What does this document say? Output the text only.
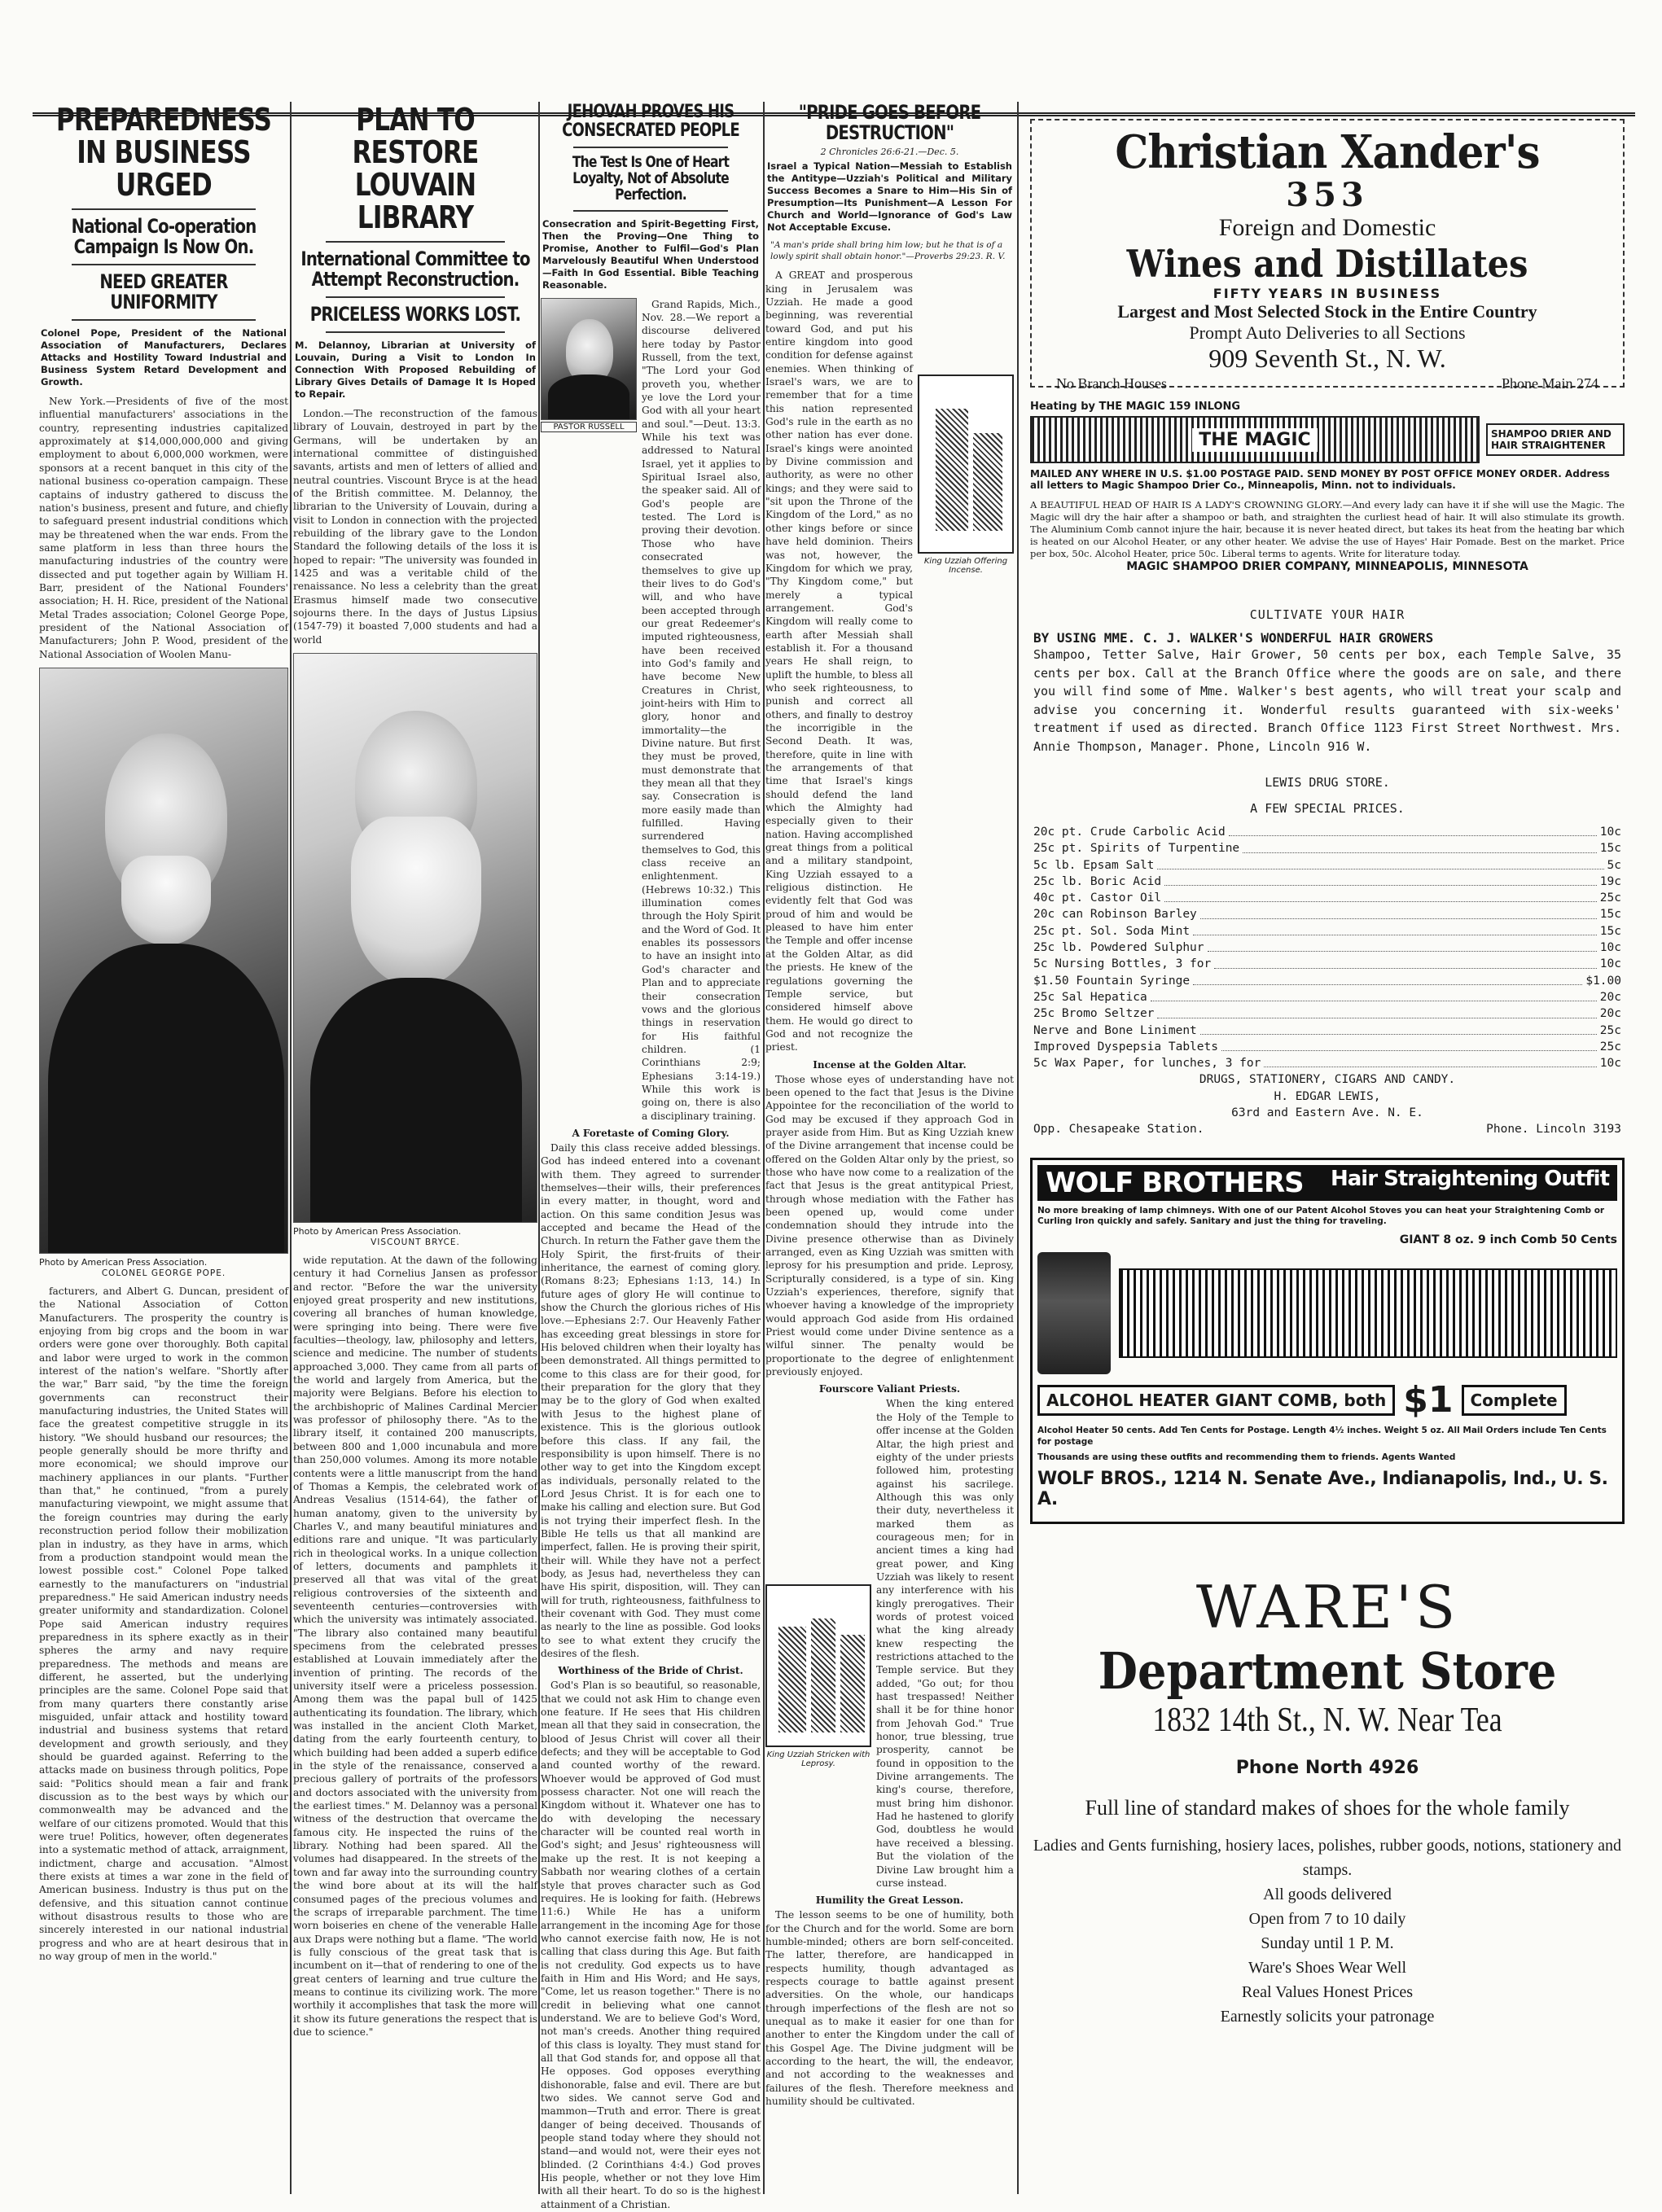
PREPAREDNESS IN BUSINESS URGED
National Co-operation Campaign Is Now On.
NEED GREATER UNIFORMITY
Colonel Pope, President of the National Association of Manufacturers, Declares Attacks and Hostility Toward Industrial and Business System Retard Development and Growth.

New York.—Presidents of five of the most influential manufacturers' associations in the country, representing industries capitalized approximately at $14,000,000,000 and giving employment to about 6,000,000 workmen, were sponsors at a recent banquet in this city of the national business co-operation campaign. These captains of industry gathered to discuss the nation's business, present and future, and chiefly to safeguard present industrial conditions which may be threatened when the war ends. From the same platform in less than three hours the manufacturing industries of the country were dissected and put together again by William H. Barr, president of the National Founders' association; H. H. Rice, president of the National Metal Trades association; Colonel George Pope, president of the National Association of Manufacturers; John P. Wood, president of the National Association of Woolen Manu-

Photo by American Press Association.
COLONEL GEORGE POPE.

facturers, and Albert G. Duncan, president of the National Association of Cotton Manufacturers. The prosperity the country is enjoying from big crops and the boom in war orders were gone over thoroughly. Both capital and labor were urged to work in the common interest of the nation's welfare. "Shortly after the war," Barr said, "by the time the foreign governments can reconstruct their manufacturing industries, the United States will face the greatest competitive struggle in its history. "We should husband our resources; the people generally should be more thrifty and more economical; we should improve our machinery appliances in our plants. "Further than that," he continued, "from a purely manufacturing viewpoint, we might assume that the foreign countries may during the early reconstruction period follow their mobilization plan in industry, as they have in arms, which from a production standpoint would mean the lowest possible cost." Colonel Pope talked earnestly to the manufacturers on "industrial preparedness." He said American industry needs greater uniformity and standardization. Colonel Pope said American industry requires preparedness in its sphere exactly as in their spheres the army and navy require preparedness. The methods and means are different, he asserted, but the underlying principles are the same. Colonel Pope said that from many quarters there constantly arise misguided, unfair attack and hostility toward industrial and business systems that retard development and growth seriously, and they should be guarded against. Referring to the attacks made on business through politics, Pope said: "Politics should mean a fair and frank discussion as to the best ways by which our commonwealth may be advanced and the welfare of our citizens promoted. Would that this were true! Politics, however, often degenerates into a systematic method of attack, arraignment, indictment, charge and accusation. "Almost there exists at times a war zone in the field of American business. Industry is thus put on the defensive, and this situation cannot continue without disastrous results to those who are sincerely interested in our national industrial progress and who are at heart desirous that in no way group of men in the world."

PLAN TO RESTORE LOUVAIN LIBRARY
International Committee to Attempt Reconstruction.
PRICELESS WORKS LOST.
M. Delannoy, Librarian at University of Louvain, During a Visit to London In Connection With Proposed Rebuilding of Library Gives Details of Damage It Is Hoped to Repair.

London.—The reconstruction of the famous library of Louvain, destroyed in part by the Germans, will be undertaken by an international committee of distinguished savants, artists and men of letters of allied and neutral countries. Viscount Bryce is at the head of the British committee. M. Delannoy, the librarian to the University of Louvain, during a visit to London in connection with the projected rebuilding of the library gave to the London Standard the following details of the loss it is hoped to repair: "The university was founded in 1425 and was a veritable child of the renaissance. No less a celebrity than the great Erasmus himself made two consecutive sojourns there. In the days of Justus Lipsius (1547-79) it boasted 7,000 students and had a world

Photo by American Press Association.
VISCOUNT BRYCE.

wide reputation. At the dawn of the following century it had Cornelius Jansen as professor and rector. "Before the war the university enjoyed great prosperity and new institutions, covering all branches of human knowledge, were springing into being. There were five faculties—theology, law, philosophy and letters, science and medicine. The number of students approached 3,000. They came from all parts of the world and largely from America, but the majority were Belgians. Before his election to the archbishopric of Malines Cardinal Mercier was professor of philosophy there. "As to the library itself, it contained 200 manuscripts, between 800 and 1,000 incunabula and more than 250,000 volumes. Among its more notable contents were a little manuscript from the hand of Thomas a Kempis, the celebrated work of Andreas Vesalius (1514-64), the father of human anatomy, given to the university by Charles V., and many beautiful miniatures and editions rare and unique. "It was particularly rich in theological works. In a unique collection of letters, documents and pamphlets it preserved all that was vital of the great religious controversies of the sixteenth and seventeenth centuries—controversies with which the university was intimately associated. "The library also contained many beautiful specimens from the celebrated presses established at Louvain immediately after the invention of printing. The records of the university itself were a priceless possession. Among them was the papal bull of 1425 authenticating its foundation. The library, which was installed in the ancient Cloth Market, dating from the early fourteenth century, to which building had been added a superb edifice in the style of the renaissance, conserved a precious gallery of portraits of the professors and doctors associated with the university from the earliest times." M. Delannoy was a personal witness of the destruction that overcame the famous city. He inspected the ruins of the library. Nothing had been spared. All the volumes had disappeared. In the streets of the town and far away into the surrounding country the wind bore about at its will the half consumed pages of the precious volumes and the scraps of irreparable parchment. The time worn boiseries en chene of the venerable Halle aux Draps were nothing but a flame. "The world is fully conscious of the great task that is incumbent on it—that of rendering to one of the great centers of learning and true culture the means to continue its civilizing work. The more worthily it accomplishes that task the more will it show its future generations the respect that is due to science."

JEHOVAH PROVES HIS CONSECRATED PEOPLE
The Test Is One of Heart Loyalty, Not of Absolute Perfection.
Consecration and Spirit-Begetting First, Then the Proving—One Thing to Promise, Another to Fulfil—God's Plan Marvelously Beautiful When Understood—Faith In God Essential. Bible Teaching Reasonable.
PASTOR RUSSELL

Grand Rapids, Mich., Nov. 28.—We report a discourse delivered here today by Pastor Russell, from the text, "The Lord your God proveth you, whether ye love the Lord your God with all your heart and soul."—Deut. 13:3. While his text was addressed to Natural Israel, yet it applies to Spiritual Israel also, the speaker said. All of God's people are tested. The Lord is proving their devotion. Those who have consecrated themselves to give up their lives to do God's will, and who have been accepted through our great Redeemer's imputed righteousness, have been received into God's family and have become New Creatures in Christ, joint-heirs with Him to glory, honor and immortality—the Divine nature. But first they must be proved, must demonstrate that they mean all that they say. Consecration is more easily made than fulfilled. Having surrendered themselves to God, this class receive an enlightenment. (Hebrews 10:32.) This illumination comes through the Holy Spirit and the Word of God. It enables its possessors to have an insight into God's character and Plan and to appreciate their consecration vows and the glorious things in reservation for His faithful children. (1 Corinthians 2:9; Ephesians 3:14-19.) While this work is going on, there is also a disciplinary training.

A Foretaste of Coming Glory.

Daily this class receive added blessings. God has indeed entered into a covenant with them. They agreed to surrender themselves—their wills, their preferences in every matter, in thought, word and action. On this same condition Jesus was accepted and became the Head of the Church. In return the Father gave them the Holy Spirit, the first-fruits of their inheritance, the earnest of coming glory. (Romans 8:23; Ephesians 1:13, 14.) In future ages of glory He will continue to show the Church the glorious riches of His love.—Ephesians 2:7. Our Heavenly Father has exceeding great blessings in store for His beloved children when their loyalty has been demonstrated. All things permitted to come to this class are for their good, for their preparation for the glory that they may be to the glory of God when exalted with Jesus to the highest plane of existence. This is the glorious outlook before this class. If any fail, the responsibility is upon himself. There is no other way to get into the Kingdom except as individuals, personally related to the Lord Jesus Christ. It is for each one to make his calling and election sure. But God is not trying their imperfect flesh. In the Bible He tells us that all mankind are imperfect, fallen. He is proving their spirit, their will. While they have not a perfect body, as Jesus had, nevertheless they can have His spirit, disposition, will. They can will for truth, righteousness, faithfulness to their covenant with God. They must come as nearly to the line as possible. God looks to see to what extent they crucify the desires of the flesh.

Worthiness of the Bride of Christ.

God's Plan is so beautiful, so reasonable, that we could not ask Him to change even one feature. If He sees that His children mean all that they said in consecration, the blood of Jesus Christ will cover all their defects; and they will be acceptable to God and counted worthy of the reward. Whoever would be approved of God must possess character. Not one will reach the Kingdom without it. Whatever one has to do with developing the necessary character will be counted real worth in God's sight; and Jesus' righteousness will make up the rest. It is not keeping a Sabbath nor wearing clothes of a certain style that proves character such as God requires. He is looking for faith. (Hebrews 11:6.) While He has a uniform arrangement in the incoming Age for those who cannot exercise faith now, He is not calling that class during this Age. But faith is not credulity. God expects us to have faith in Him and His Word; and He says, "Come, let us reason together." There is no credit in believing what one cannot understand. We are to believe God's Word, not man's creeds. Another thing required of this class is loyalty. They must stand for all that God stands for, and oppose all that He opposes. God opposes everything dishonorable, false and evil. There are but two sides. We cannot serve God and mammon—Truth and error. There is great danger of being deceived. Thousands of people stand today where they should not stand—and would not, were their eyes not blinded. (2 Corinthians 4:4.) God proves His people, whether or not they love Him with all their heart. To do so is the highest attainment of a Christian.

"PRIDE GOES BEFORE DESTRUCTION"
2 Chronicles 26:6-21.—Dec. 5.
Israel a Typical Nation—Messiah to Establish the Antitype—Uzziah's Political and Military Success Becomes a Snare to Him—His Sin of Presumption—Its Punishment—A Lesson For Church and World—Ignorance of God's Law Not Acceptable Excuse.
"A man's pride shall bring him low; but he that is of a lowly spirit shall obtain honor."—Proverbs 29:23. R. V.
King Uzziah Offering Incense.

A GREAT and prosperous king in Jerusalem was Uzziah. He made a good beginning, was reverential toward God, and put his entire kingdom into good condition for defense against enemies. When thinking of Israel's wars, we are to remember that for a time this nation represented God's rule in the earth as no other nation has ever done. Israel's kings were anointed by Divine commission and authority, as were no other kings; and they were said to "sit upon the Throne of the Kingdom of the Lord," as no other kings before or since have held dominion. Theirs was not, however, the Kingdom for which we pray, "Thy Kingdom come," but merely a typical arrangement. God's Kingdom will really come to earth after Messiah shall establish it. For a thousand years He shall reign, to uplift the humble, to bless all who seek righteousness, to punish and correct all others, and finally to destroy the incorrigible in the Second Death. It was, therefore, quite in line with the arrangements of that time that Israel's kings should defend the land which the Almighty had especially given to their nation. Having accomplished great things from a political and a military standpoint, King Uzziah essayed to a religious distinction. He evidently felt that God was proud of him and would be pleased to have him enter the Temple and offer incense at the Golden Altar, as did the priests. He knew of the regulations governing the Temple service, but considered himself above them. He would go direct to God and not recognize the priest.

Incense at the Golden Altar.

Those whose eyes of understanding have not been opened to the fact that Jesus is the Divine Appointee for the reconciliation of the world to God may be excused if they approach God in prayer aside from Him. But as King Uzziah knew of the Divine arrangement that incense could be offered on the Golden Altar only by the priest, so those who have now come to a realization of the fact that Jesus is the great antitypical Priest, through whose mediation with the Father has been opened up, would come under condemnation should they intrude into the Divine presence otherwise than as Divinely arranged, even as King Uzziah was smitten with leprosy for his presumption and pride. Leprosy, Scripturally considered, is a type of sin. King Uzziah's experiences, therefore, signify that whoever having a knowledge of the impropriety would approach God aside from His ordained Priest would come under Divine sentence as a wilful sinner. The penalty would be proportionate to the degree of enlightenment previously enjoyed.

Fourscore Valiant Priests.
King Uzziah Stricken with Leprosy.

When the king entered the Holy of the Temple to offer incense at the Golden Altar, the high priest and eighty of the under priests followed him, protesting against his sacrilege. Although this was only their duty, nevertheless it marked them as courageous men; for in ancient times a king had great power, and King Uzziah was likely to resent any interference with his kingly prerogatives. Their words of protest voiced what the king already knew respecting the restrictions attached to the Temple service. But they added, "Go out; for thou hast trespassed! Neither shall it be for thine honor from Jehovah God." True honor, true blessing, true prosperity, cannot be found in opposition to the Divine arrangements. The king's course, therefore, must bring him dishonor. Had he hastened to glorify God, doubtless he would have received a blessing. But the violation of the Divine Law brought him a curse instead.

Humility the Great Lesson.

The lesson seems to be one of humility, both for the Church and for the world. Some are born humble-minded; others are born self-conceited. The latter, therefore, are handicapped in respects humility, though advantaged as respects courage to battle against present adversities. On the whole, our handicaps through imperfections of the flesh are not so unequal as to make it easier for one than for another to enter the Kingdom under the call of this Gospel Age. The Divine judgment will be according to the heart, the will, the endeavor, and not according to the weaknesses and failures of the flesh. Therefore meekness and humility should be cultivated.

Christian Xander's
353
Foreign and Domestic
Wines and Distillates
FIFTY YEARS IN BUSINESS
Largest and Most Selected Stock in the Entire Country
Prompt Auto Deliveries to all Sections
909 Seventh St., N. W.
No Branch Houses	Phone Main 274
Heating by THE MAGIC 159 INLONG
THE MAGIC	SHAMPOO DRIER AND HAIR STRAIGHTENER
MAILED ANY WHERE IN U.S. $1.00 POSTAGE PAID. SEND MONEY BY POST OFFICE MONEY ORDER. Address all letters to Magic Shampoo Drier Co., Minneapolis, Minn. not to individuals.
A BEAUTIFUL HEAD OF HAIR IS A LADY'S CROWNING GLORY.—And every lady can have it if she will use the Magic. The Magic will dry the hair after a shampoo or bath, and straighten the curliest head of hair. It will also stimulate its growth. The Aluminium Comb cannot injure the hair, because it is never heated direct, but takes its heat from the heating bar which is heated on our Alcohol Heater, or any other heater. We advise the use of Hayes' Hair Pomade. Best on the market. Price per box, 50c. Alcohol Heater, price 50c. Liberal terms to agents. Write for literature today.
MAGIC SHAMPOO DRIER COMPANY, MINNEAPOLIS, MINNESOTA
CULTIVATE YOUR HAIR
BY USING MME. C. J. WALKER'S WONDERFUL HAIR GROWERS
Shampoo, Tetter Salve, Hair Grower, 50 cents per box, each Temple Salve, 35 cents per box. Call at the Branch Office where the goods are on sale, and there you will find some of Mme. Walker's best agents, who will treat your scalp and advise you concerning it. Wonderful results guaranteed with six-weeks' treatment if used as directed. Branch Office 1123 First Street Northwest. Mrs. Annie Thompson, Manager. Phone, Lincoln 916 W.
LEWIS DRUG STORE.
A FEW SPECIAL PRICES.
20c pt. Crude Carbolic Acid	10c
25c pt. Spirits of Turpentine	15c
5c lb. Epsam Salt	5c
25c lb. Boric Acid	19c
40c pt. Castor Oil	25c
20c can Robinson Barley	15c
25c pt. Sol. Soda Mint	15c
25c lb. Powdered Sulphur	10c
5c Nursing Bottles, 3 for	10c
$1.50 Fountain Syringe	$1.00
25c Sal Hepatica	20c
25c Bromo Seltzer	20c
Nerve and Bone Liniment	25c
Improved Dyspepsia Tablets	25c
5c Wax Paper, for lunches, 3 for	10c
DRUGS, STATIONERY, CIGARS AND CANDY.
H. EDGAR LEWIS,
63rd and Eastern Ave. N. E.
Opp. Chesapeake Station.	Phone. Lincoln 3193
WOLF BROTHERS Hair Straightening Outfit
No more breaking of lamp chimneys. With one of our Patent Alcohol Stoves you can heat your Straightening Comb or Curling Iron quickly and safely. Sanitary and just the thing for traveling.
GIANT 8 oz. 9 inch Comb 50 Cents
ALCOHOL HEATER GIANT COMB, both $1	Complete
Alcohol Heater 50 cents. Add Ten Cents for Postage. Length 4½ inches. Weight 5 oz. All Mail Orders include Ten Cents for postage
Thousands are using these outfits and recommending them to friends. Agents Wanted
WOLF BROS., 1214 N. Senate Ave., Indianapolis, Ind., U. S. A.
WARE'S
Department Store
1832 14th St., N. W. Near Tea
Phone North 4926
Full line of standard makes of shoes for the whole family
Ladies and Gents furnishing, hosiery laces, polishes, rubber goods, notions, stationery and stamps.
All goods delivered
Open from 7 to 10 daily
Sunday until 1 P. M.
Ware's Shoes Wear Well
Real Values Honest Prices
Earnestly solicits your patronage
